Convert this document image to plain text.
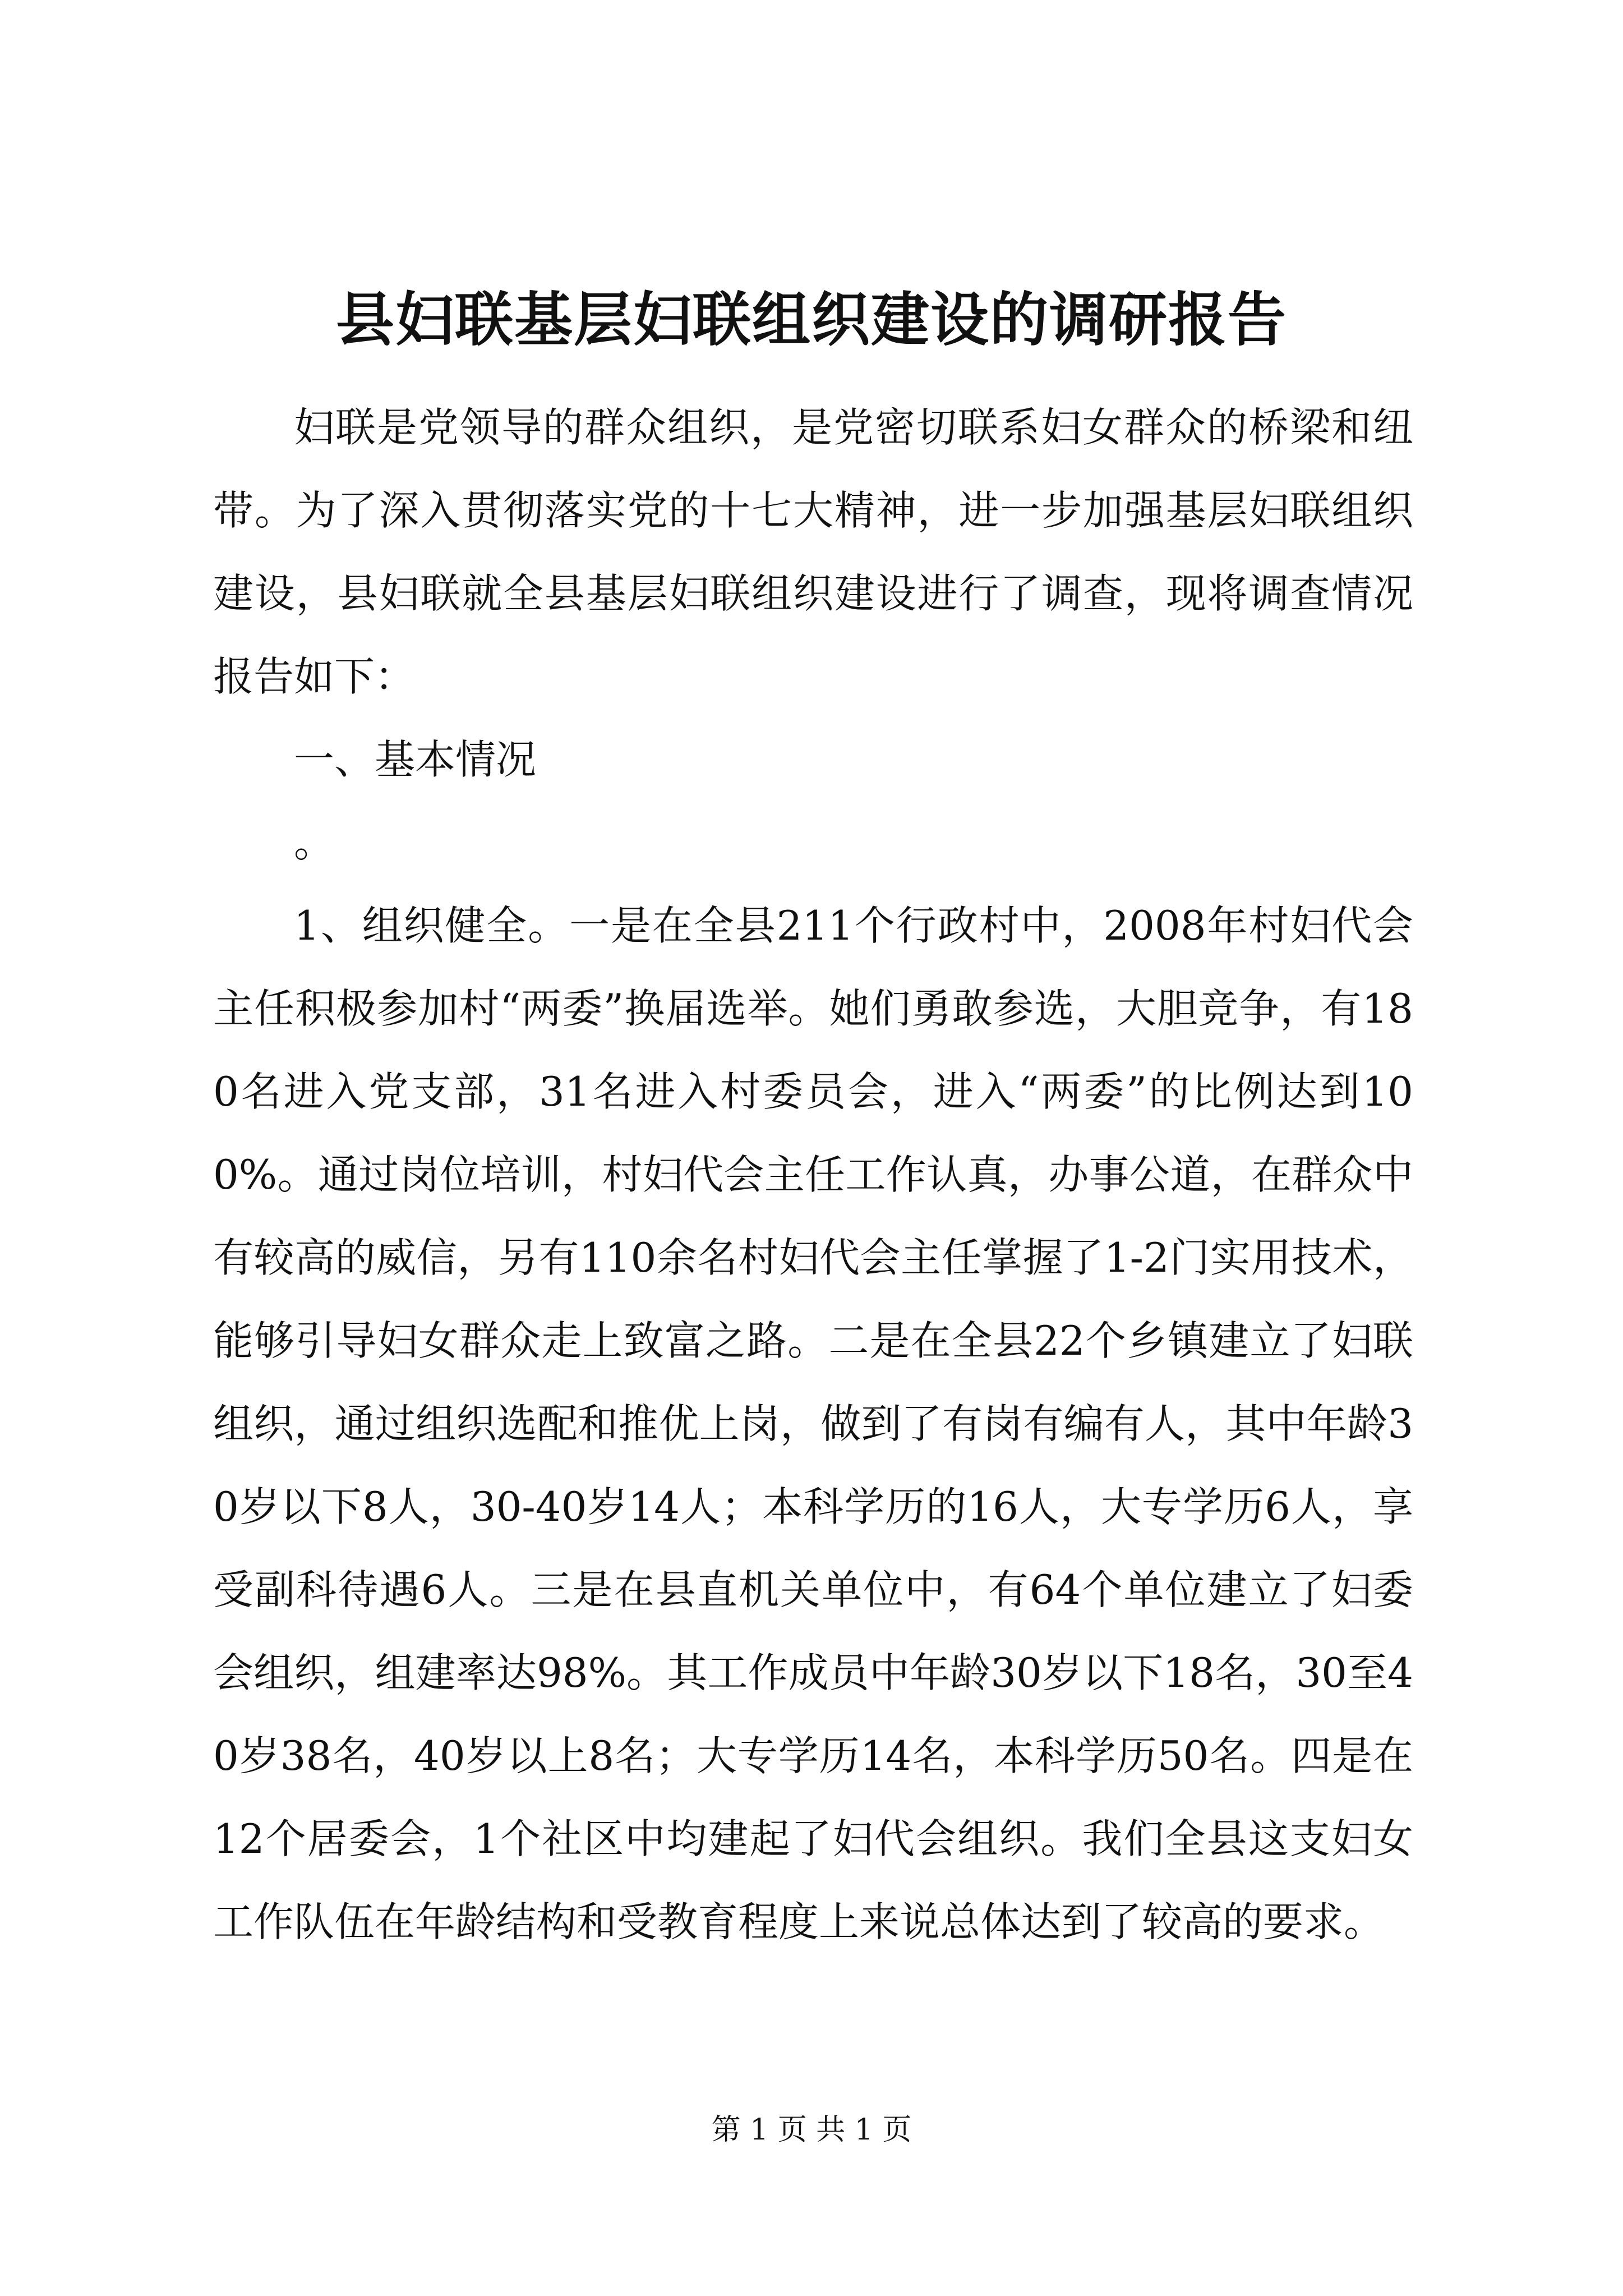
县妇联基层妇联组织建设的调研报告

妇联是党领导的群众组织，是党密切联系妇女群众的桥梁和纽带。为了深入贯彻落实党的十七大精神，进一步加强基层妇联组织建设，县妇联就全县基层妇联组织建设进行了调查，现将调查情况报告如下：

一、基本情况

。

1、组织健全。一是在全县211个行政村中，2008年村妇代会主任积极参加村“两委”换届选举。她们勇敢参选，大胆竞争，有180名进入党支部，31名进入村委员会，进入“两委”的比例达到100%。通过岗位培训，村妇代会主任工作认真，办事公道，在群众中有较高的威信，另有110余名村妇代会主任掌握了1-2门实用技术，能够引导妇女群众走上致富之路。二是在全县22个乡镇建立了妇联组织，通过组织选配和推优上岗，做到了有岗有编有人，其中年龄30岁以下8人，30-40岁14人；本科学历的16人，大专学历6人，享受副科待遇6人。三是在县直机关单位中，有64个单位建立了妇委会组织，组建率达98%。其工作成员中年龄30岁以下18名，30至40岁38名，40岁以上8名；大专学历14名，本科学历50名。四是在12个居委会，1个社区中均建起了妇代会组织。我们全县这支妇女工作队伍在年龄结构和受教育程度上来说总体达到了较高的要求。

第 1 页 共 1 页
